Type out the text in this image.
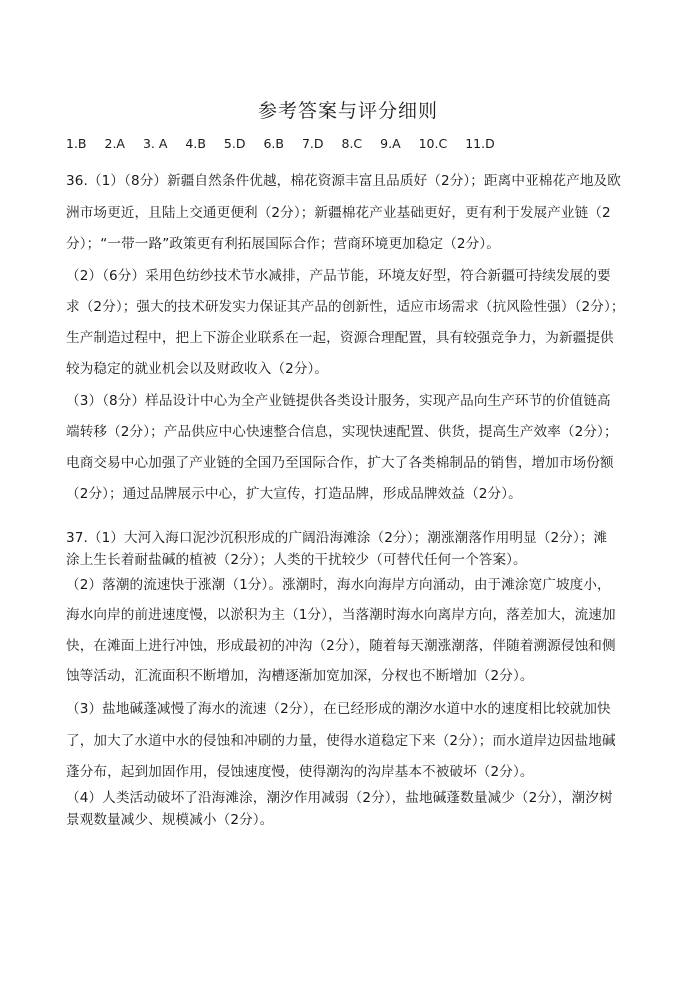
参考答案与评分细则
1.B 2.A 3. A 4.B 5.D 6.B 7.D 8.C 9.A 10.C 11.D
36.（1）（8分）新疆自然条件优越，棉花资源丰富且品质好（2分）；距离中亚棉花产地及欧
洲市场更近，且陆上交通更便利（2分）；新疆棉花产业基础更好，更有利于发展产业链（2
分）；“一带一路”政策更有利拓展国际合作；营商环境更加稳定（2分）。
（2）（6分）采用色纺纱技术节水减排，产品节能，环境友好型，符合新疆可持续发展的要
求（2分）；强大的技术研发实力保证其产品的创新性，适应市场需求（抗风险性强）（2分）；
生产制造过程中，把上下游企业联系在一起，资源合理配置，具有较强竞争力，为新疆提供
较为稳定的就业机会以及财政收入（2分）。
（3）（8分）样品设计中心为全产业链提供各类设计服务，实现产品向生产环节的价值链高
端转移（2分）；产品供应中心快速整合信息，实现快速配置、供货，提高生产效率（2分）；
电商交易中心加强了产业链的全国乃至国际合作，扩大了各类棉制品的销售，增加市场份额
（2分）；通过品牌展示中心，扩大宣传，打造品牌，形成品牌效益（2分）。
37.（1）大河入海口泥沙沉积形成的广阔沿海滩涂（2分）；潮涨潮落作用明显（2分）；滩
涂上生长着耐盐碱的植被（2分）；人类的干扰较少（可替代任何一个答案）。
（2）落潮的流速快于涨潮（1分）。涨潮时，海水向海岸方向涌动，由于滩涂宽广坡度小，
海水向岸的前进速度慢，以淤积为主（1分），当落潮时海水向离岸方向，落差加大，流速加
快，在滩面上进行冲蚀，形成最初的冲沟（2分），随着每天潮涨潮落，伴随着溯源侵蚀和侧
蚀等活动，汇流面积不断增加，沟槽逐渐加宽加深，分杈也不断增加（2分）。
（3）盐地碱蓬减慢了海水的流速（2分），在已经形成的潮汐水道中水的速度相比较就加快
了，加大了水道中水的侵蚀和冲刷的力量，使得水道稳定下来（2分）；而水道岸边因盐地碱
蓬分布，起到加固作用，侵蚀速度慢，使得潮沟的沟岸基本不被破坏（2分）。
（4）人类活动破坏了沿海滩涂，潮汐作用减弱（2分），盐地碱蓬数量减少（2分），潮汐树
景观数量减少、规模减小（2分）。
